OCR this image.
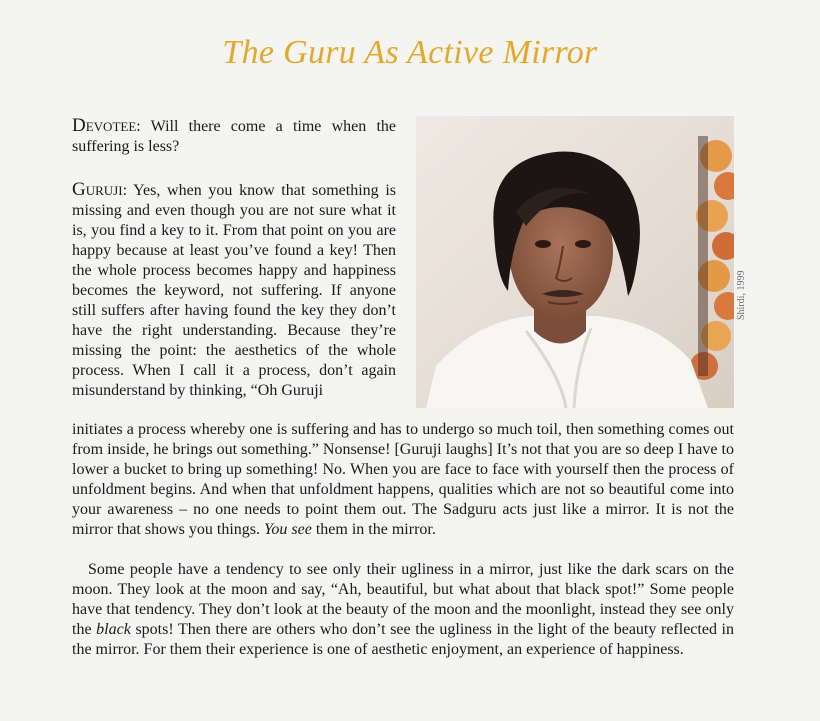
The Guru As Active Mirror
Shirdi, 1999

Devotee: Will there come a time when the suffering is less?

Guruji: Yes, when you know that something is missing and even though you are not sure what it is, you find a key to it. From that point on you are happy because at least you’ve found a key! Then the whole process becomes happy and happiness becomes the keyword, not suffering. If anyone still suffers after having found the key they don’t have the right understanding. Because they’re missing the point: the aesthetics of the whole process. When I call it a process, don’t again misunderstand by thinking, “Oh Guruji

initiates a process whereby one is suffering and has to undergo so much toil, then something comes out from inside, he brings out something.” Nonsense! [Guruji laughs] It’s not that you are so deep I have to lower a bucket to bring up something! No. When you are face to face with yourself then the process of unfoldment begins. And when that unfoldment happens, qualities which are not so beautiful come into your awareness – no one needs to point them out. The Sadguru acts just like a mirror. It is not the mirror that shows you things. You see them in the mirror.

Some people have a tendency to see only their ugliness in a mirror, just like the dark scars on the moon. They look at the moon and say, “Ah, beautiful, but what about that black spot!” Some people have that tendency. They don’t look at the beauty of the moon and the moonlight, instead they see only the black spots! Then there are others who don’t see the ugliness in the light of the beauty reflected in the mirror. For them their experience is one of aesthetic enjoyment, an experience of happiness.
